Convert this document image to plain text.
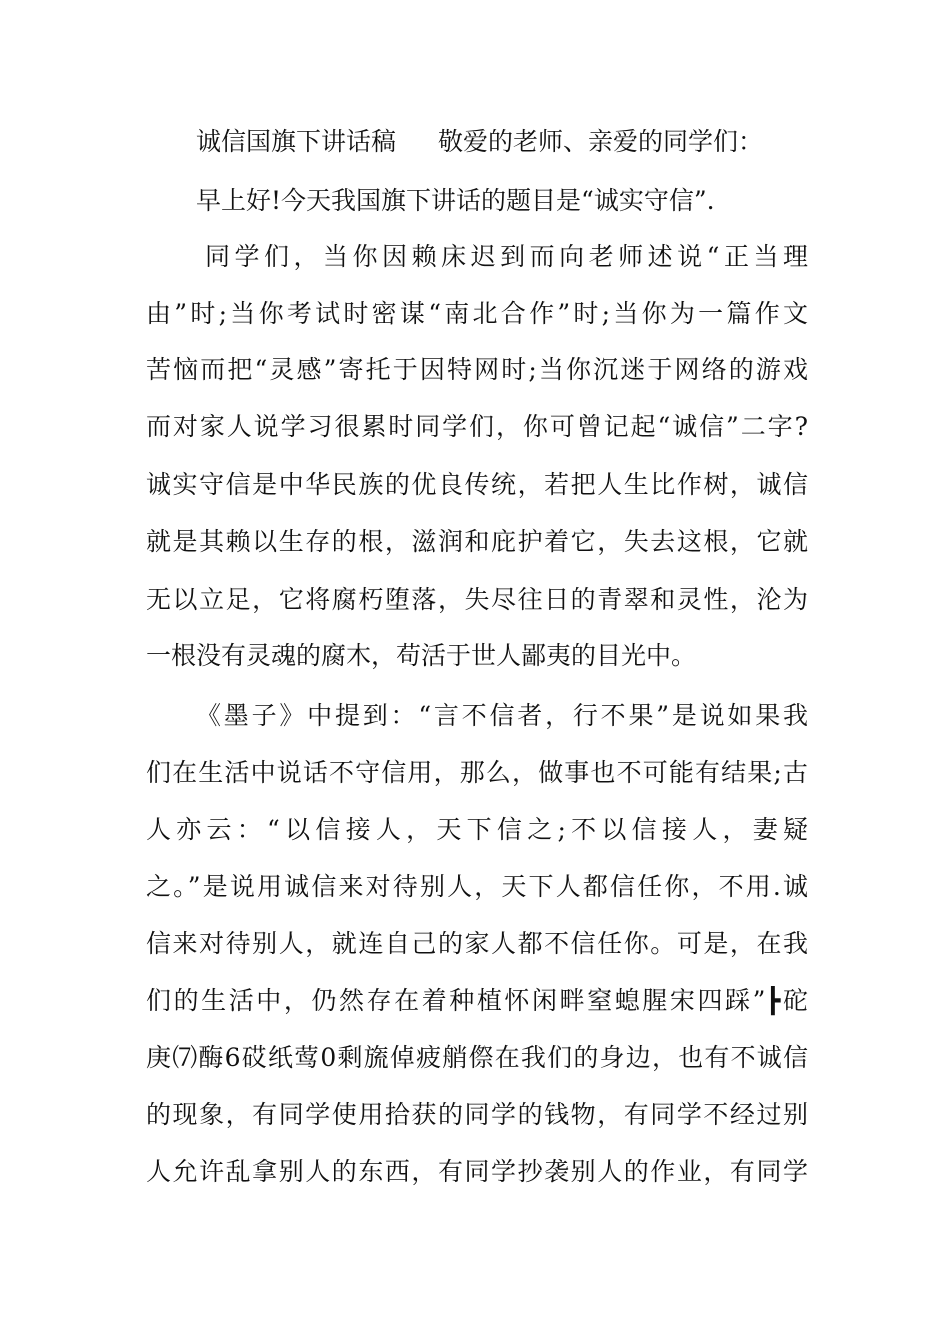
诚信国旗下讲话稿 敬爱的老师、亲爱的同学们：
早上好!今天我国旗下讲话的题目是“诚实守信”.
同学们，当你因赖床迟到而向老师述说“正当理
由”时;当你考试时密谋“南北合作”时;当你为一篇作文
苦恼而把“灵感”寄托于因特网时;当你沉迷于网络的游戏
而对家人说学习很累时同学们，你可曾记起“诚信”二字?
诚实守信是中华民族的优良传统，若把人生比作树，诚信
就是其赖以生存的根，滋润和庇护着它，失去这根，它就
无以立足，它将腐朽堕落，失尽往日的青翠和灵性，沦为
一根没有灵魂的腐木，苟活于世人鄙夷的目光中。
《墨子》中提到：“言不信者，行不果”是说如果我
们在生活中说话不守信用，那么，做事也不可能有结果;古
人亦云：“以信接人，天下信之;不以信接人，妻疑
之。”是说用诚信来对待别人，天下人都信任你，不用.诚
信来对待别人，就连自己的家人都不信任你。可是，在我
们的生活中，仍然存在着种植怀闲畔窒螅腥宋四踩”┣砣
庚⑺酶6砹纸莺0剩旒倬疲艄傺在我们的身边，也有不诚信
的现象，有同学使用拾获的同学的钱物，有同学不经过别
人允许乱拿别人的东西，有同学抄袭别人的作业，有同学
